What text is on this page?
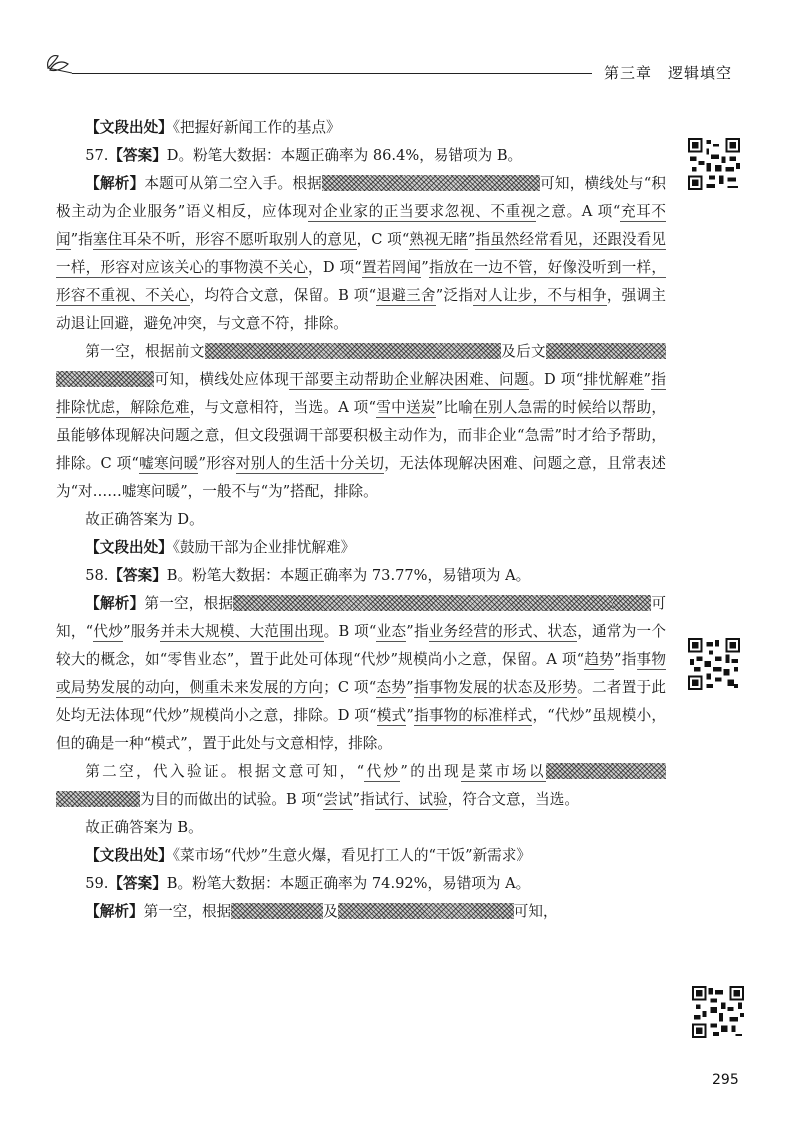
第三章　逻辑填空

【文段出处】《把握好新闻工作的基点》

57.【答案】D。粉笔大数据：本题正确率为 86.4%，易错项为 B。

【解析】本题可从第二空入手。根据	可知，横线处与“积极主动为企业服务”语义相反，应体现对企业家的正当要求忽视、不重视之意。A 项“充耳不闻”指塞住耳朵不听，形容不愿听取别人的意见，C 项“熟视无睹”指虽然经常看见，还跟没看见一样，形容对应该关心的事物漠不关心，D 项“置若罔闻”指放在一边不管，好像没听到一样，形容不重视、不关心，均符合文意，保留。B 项“退避三舍”泛指对人让步，不与相争，强调主动退让回避，避免冲突，与文意不符，排除。

第一空，根据前文	及后文可知，横线处应体现干部要主动帮助企业解决困难、问题。D 项“排忧解难”指排除忧虑，解除危难，与文意相符，当选。A 项“雪中送炭”比喻在别人急需的时候给以帮助，虽能够体现解决问题之意，但文段强调干部要积极主动作为，而非企业“急需”时才给予帮助，排除。C 项“嘘寒问暖”形容对别人的生活十分关切，无法体现解决困难、问题之意，且常表述为“对……嘘寒问暖”，一般不与“为”搭配，排除。

故正确答案为 D。

【文段出处】《鼓励干部为企业排忧解难》

58.【答案】B。粉笔大数据：本题正确率为 73.77%，易错项为 A。

【解析】第一空，根据	可知，“代炒”服务并未大规模、大范围出现。B 项“业态”指业务经营的形式、状态，通常为一个较大的概念，如“零售业态”，置于此处可体现“代炒”规模尚小之意，保留。A 项“趋势”指事物或局势发展的动向，侧重未来发展的方向；C 项“态势”指事物发展的状态及形势。二者置于此处均无法体现“代炒”规模尚小之意，排除。D 项“模式”指事物的标准样式，“代炒”虽规模小，但的确是一种“模式”，置于此处与文意相悖，排除。

第二空，代入验证。根据文意可知，“代炒”的出现是菜市场以为目的而做出的试验。B 项“尝试”指试行、试验，符合文意，当选。

故正确答案为 B。

【文段出处】《菜市场“代炒”生意火爆，看见打工人的“干饭”新需求》

59.【答案】B。粉笔大数据：本题正确率为 74.92%，易错项为 A。

【解析】第一空，根据	及	可知，

295
